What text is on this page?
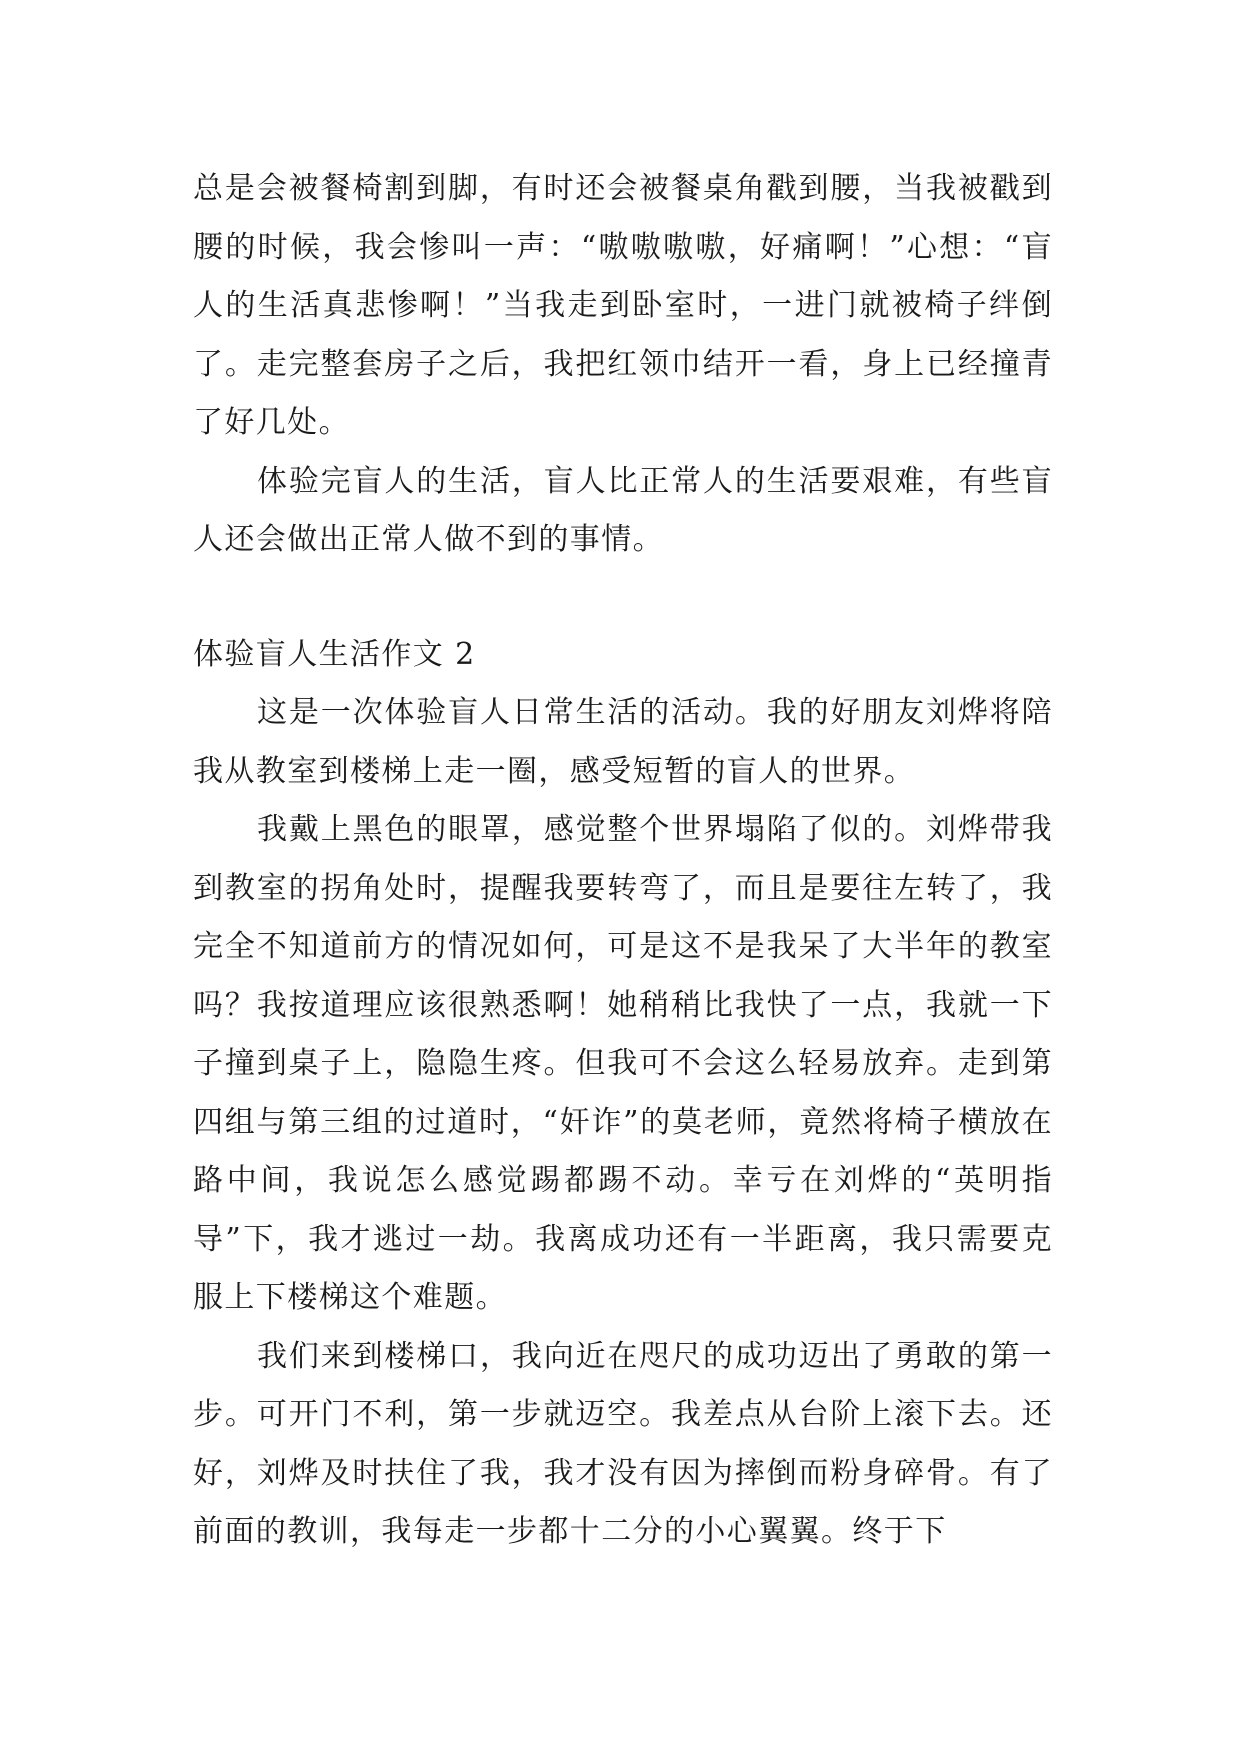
总是会被餐椅割到脚，有时还会被餐桌角戳到腰，当我被戳到腰的时候，我会惨叫一声：“嗷嗷嗷嗷，好痛啊！”心想：“盲人的生活真悲惨啊！”当我走到卧室时，一进门就被椅子绊倒了。走完整套房子之后，我把红领巾结开一看，身上已经撞青了好几处。

体验完盲人的生活，盲人比正常人的生活要艰难，有些盲人还会做出正常人做不到的事情。

体验盲人生活作文 2

这是一次体验盲人日常生活的活动。我的好朋友刘烨将陪我从教室到楼梯上走一圈，感受短暂的盲人的世界。

我戴上黑色的眼罩，感觉整个世界塌陷了似的。刘烨带我到教室的拐角处时，提醒我要转弯了，而且是要往左转了，我完全不知道前方的情况如何，可是这不是我呆了大半年的教室吗？我按道理应该很熟悉啊！她稍稍比我快了一点，我就一下子撞到桌子上，隐隐生疼。但我可不会这么轻易放弃。走到第四组与第三组的过道时，“奸诈”的莫老师，竟然将椅子横放在路中间，我说怎么感觉踢都踢不动。幸亏在刘烨的“英明指导”下，我才逃过一劫。我离成功还有一半距离，我只需要克服上下楼梯这个难题。

我们来到楼梯口，我向近在咫尺的成功迈出了勇敢的第一步。可开门不利，第一步就迈空。我差点从台阶上滚下去。还好，刘烨及时扶住了我，我才没有因为摔倒而粉身碎骨。有了前面的教训，我每走一步都十二分的小心翼翼。终于下
